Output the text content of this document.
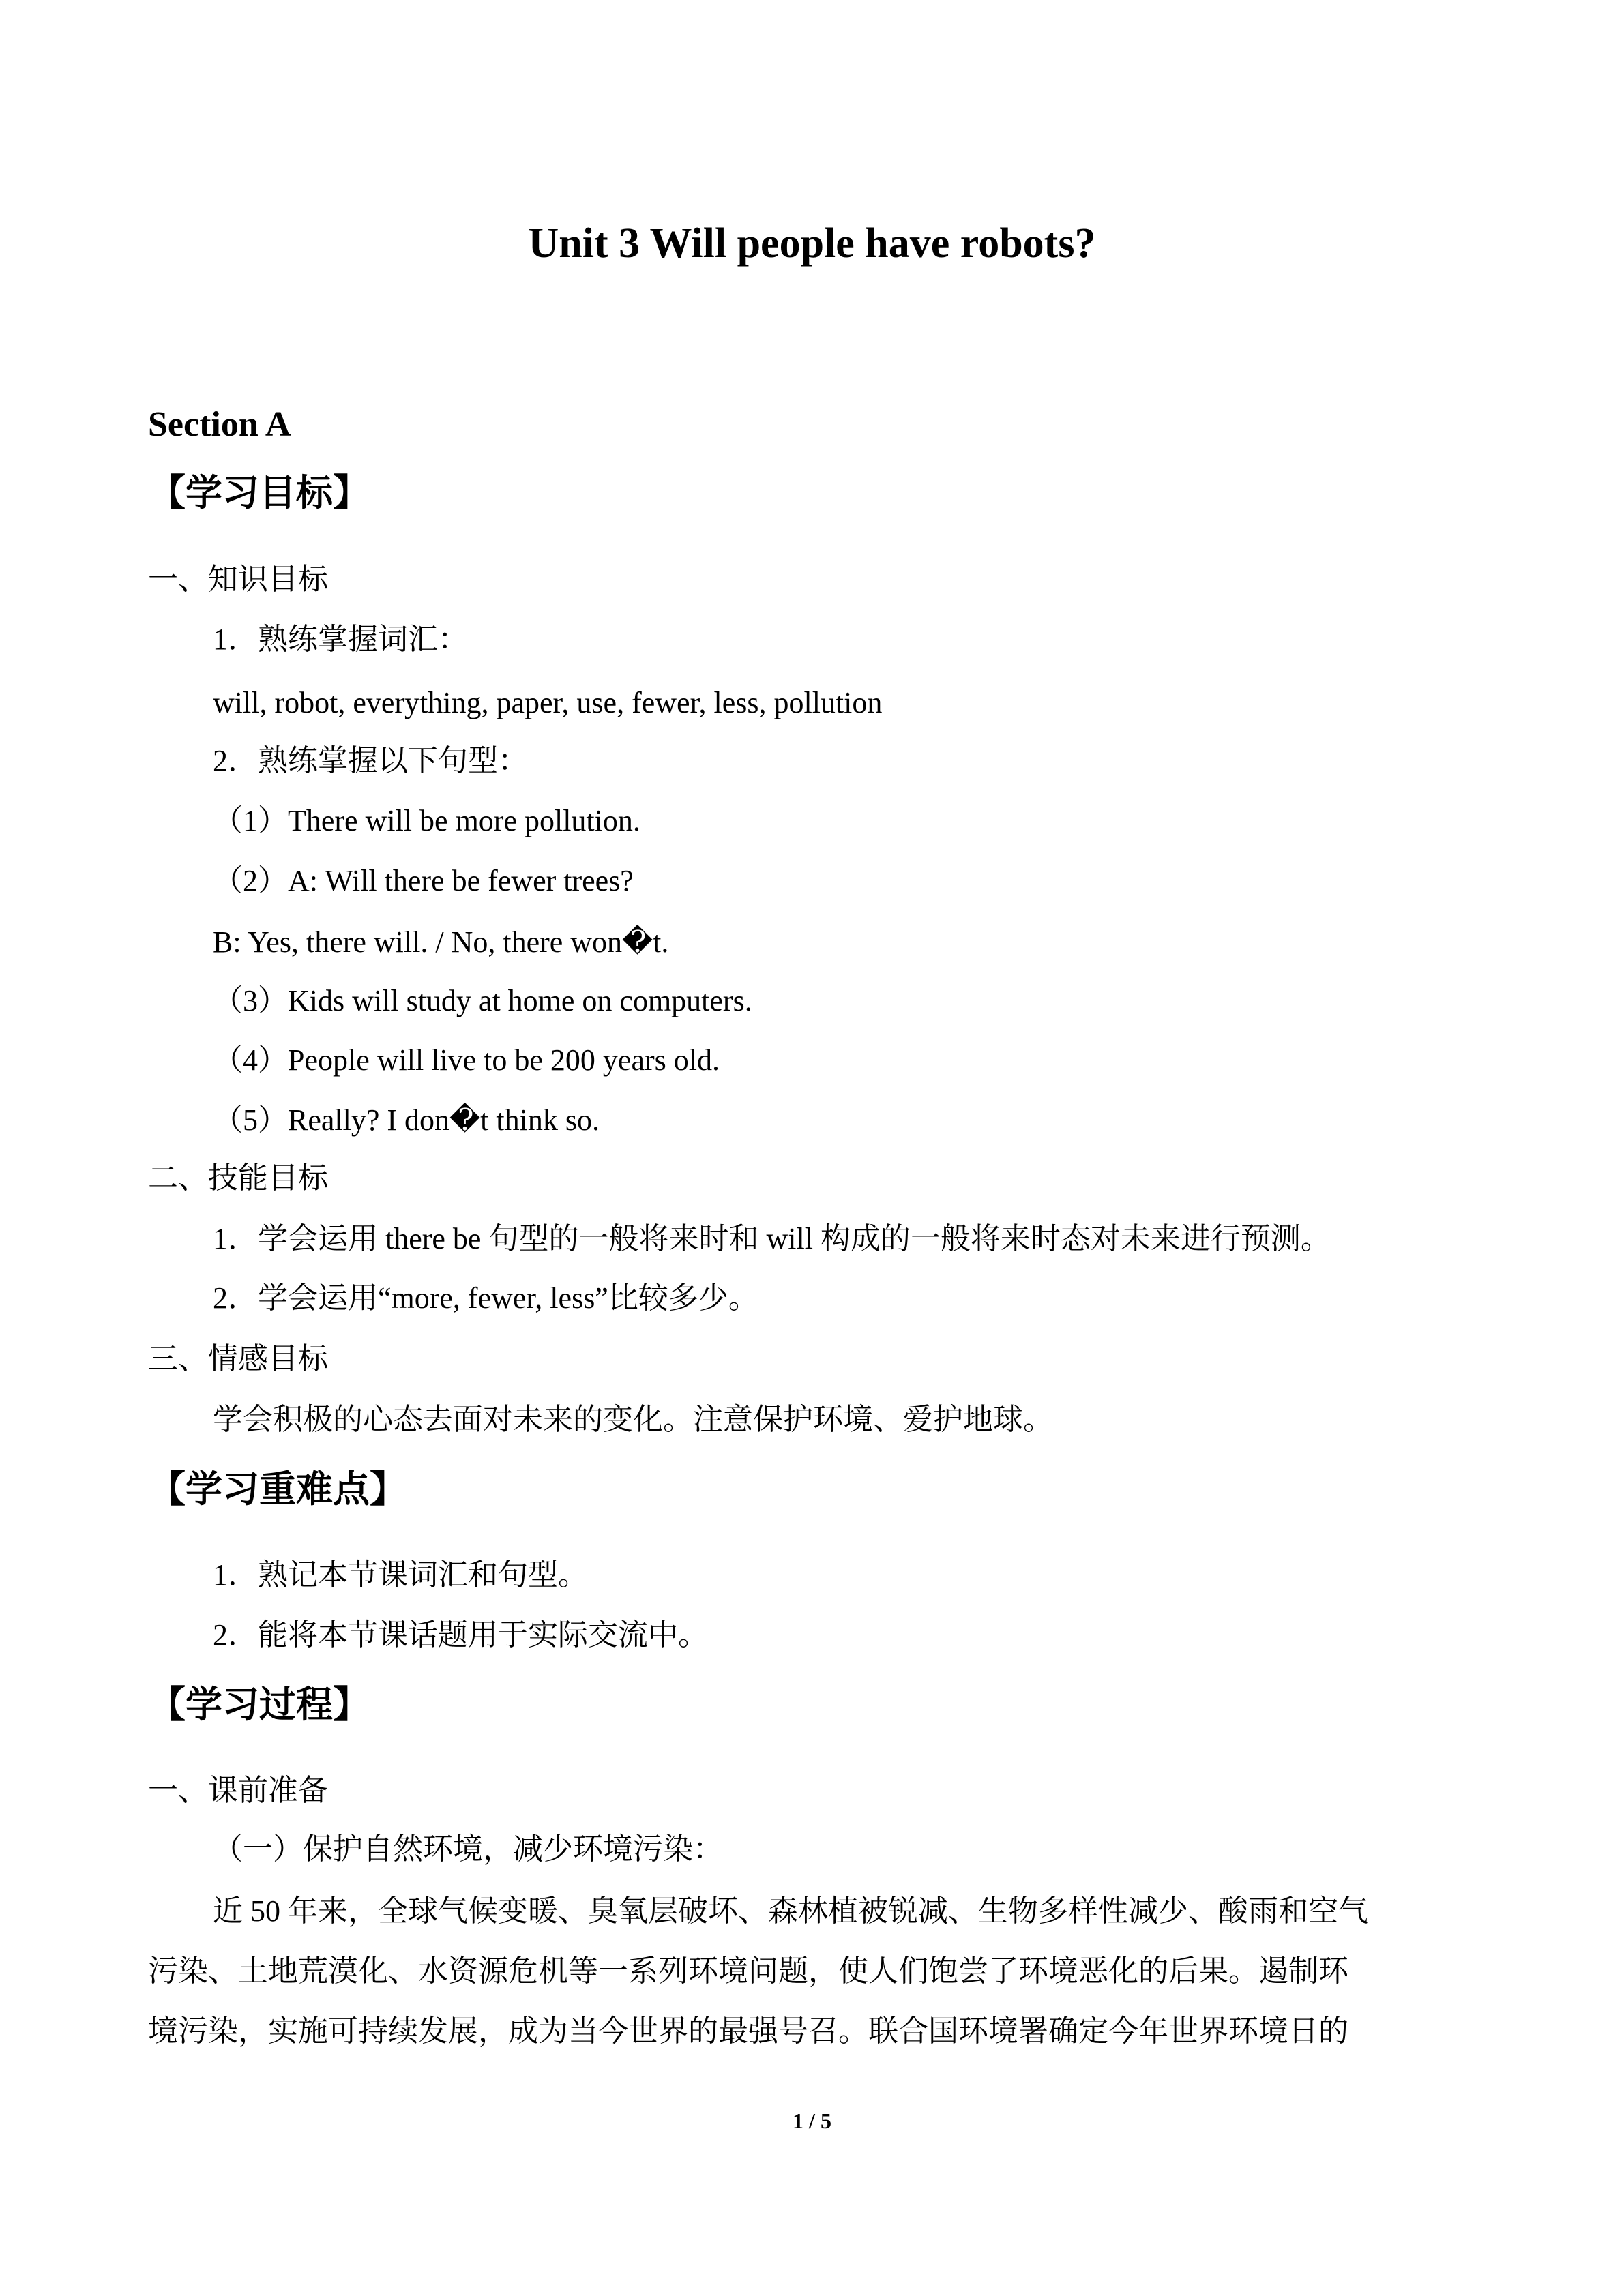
Unit 3 Will people have robots?
Section A
【学习目标】
一、知识目标
1．熟练掌握词汇：
will, robot, everything, paper, use, fewer, less, pollution
2．熟练掌握以下句型：
（1）There will be more pollution.
（2）A: Will there be fewer trees?
B: Yes, there will. / No, there won�t.
（3）Kids will study at home on computers.
（4）People will live to be 200 years old.
（5）Really? I don�t think so.
二、技能目标
1．学会运用 there be 句型的一般将来时和 will 构成的一般将来时态对未来进行预测。
2．学会运用“more, fewer, less”比较多少。
三、情感目标
学会积极的心态去面对未来的变化。注意保护环境、爱护地球。
【学习重难点】
1．熟记本节课词汇和句型。
2．能将本节课话题用于实际交流中。
【学习过程】
一、课前准备
（一）保护自然环境，减少环境污染：
近 50 年来，全球气候变暖、臭氧层破坏、森林植被锐减、生物多样性减少、酸雨和空气
污染、土地荒漠化、水资源危机等一系列环境问题，使人们饱尝了环境恶化的后果。遏制环
境污染，实施可持续发展，成为当今世界的最强号召。联合国环境署确定今年世界环境日的
1 / 5
